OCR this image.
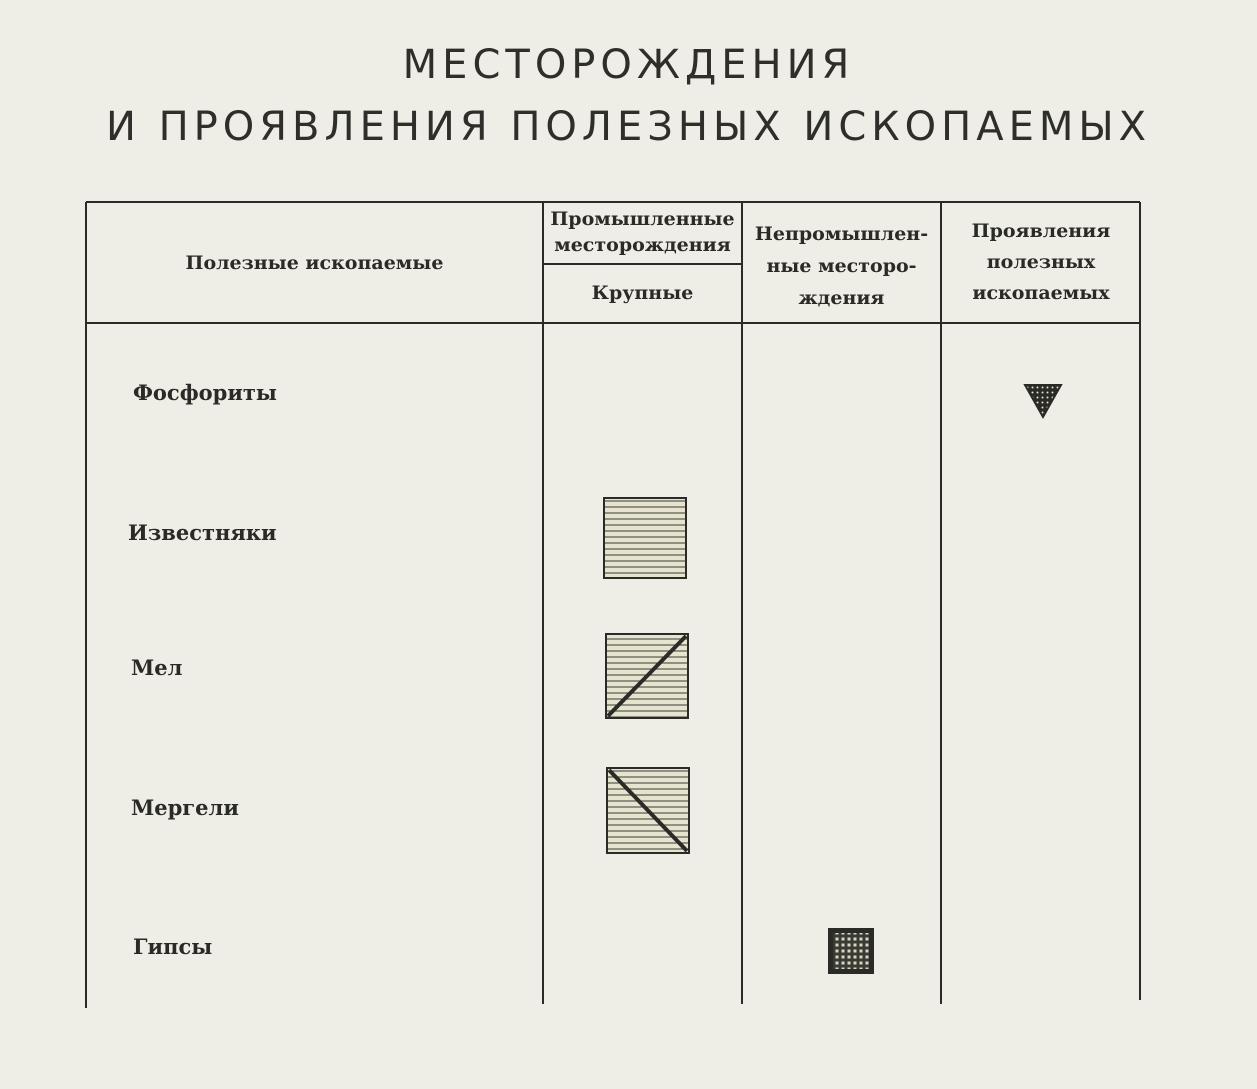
МЕСТОРОЖДЕНИЯ
И ПРОЯВЛЕНИЯ ПОЛЕЗНЫХ ИСКОПАЕМЫХ
Полезные ископаемые
Промышленные месторождения
Крупные
Непромышлен-ные месторо-ждения
Проявления полезных ископаемых
Фосфориты
Известняки
Мел
Мергели
Гипсы
